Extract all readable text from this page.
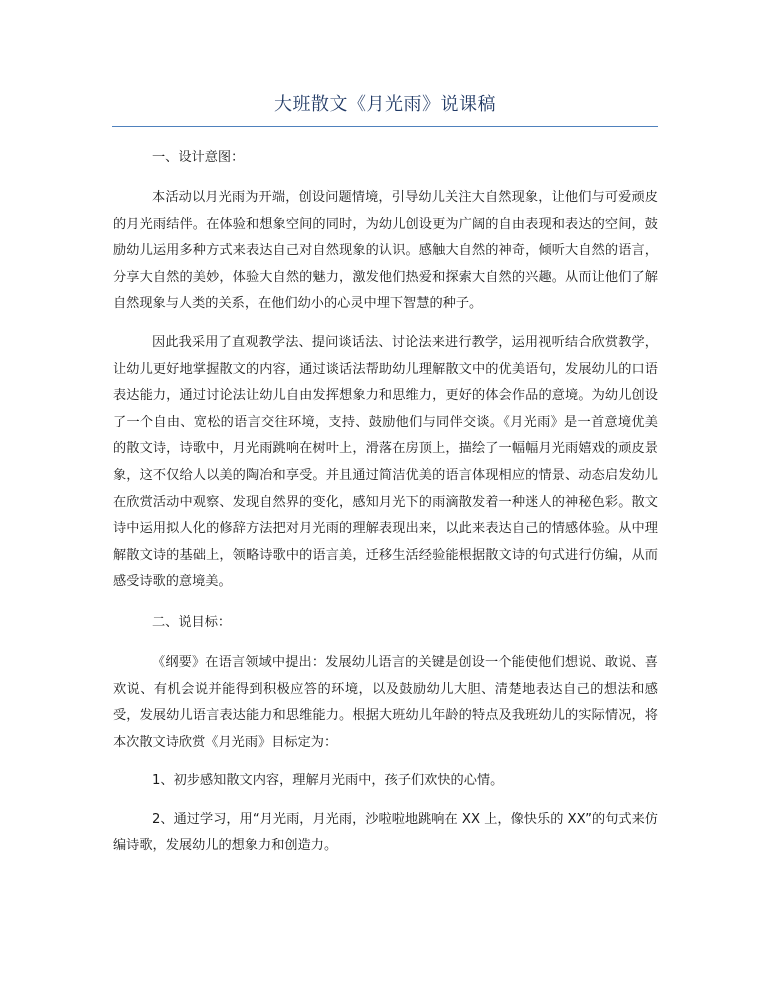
大班散文《月光雨》说课稿
一、设计意图：

本活动以月光雨为开端，创设问题情境，引导幼儿关注大自然现象，让他们与可爱顽皮的月光雨结伴。在体验和想象空间的同时，为幼儿创设更为广阔的自由表现和表达的空间，鼓励幼儿运用多种方式来表达自己对自然现象的认识。感触大自然的神奇，倾听大自然的语言，分享大自然的美妙，体验大自然的魅力，激发他们热爱和探索大自然的兴趣。从而让他们了解自然现象与人类的关系，在他们幼小的心灵中埋下智慧的种子。

因此我采用了直观教学法、提问谈话法、讨论法来进行教学，运用视听结合欣赏教学，让幼儿更好地掌握散文的内容，通过谈话法帮助幼儿理解散文中的优美语句，发展幼儿的口语表达能力，通过讨论法让幼儿自由发挥想象力和思维力，更好的体会作品的意境。为幼儿创设了一个自由、宽松的语言交往环境，支持、鼓励他们与同伴交谈。《月光雨》是一首意境优美的散文诗，诗歌中，月光雨跳响在树叶上，滑落在房顶上，描绘了一幅幅月光雨嬉戏的顽皮景象，这不仅给人以美的陶冶和享受。并且通过简洁优美的语言体现相应的情景、动态启发幼儿在欣赏活动中观察、发现自然界的变化，感知月光下的雨滴散发着一种迷人的神秘色彩。散文诗中运用拟人化的修辞方法把对月光雨的理解表现出来，以此来表达自己的情感体验。从中理解散文诗的基础上，领略诗歌中的语言美，迁移生活经验能根据散文诗的句式进行仿编，从而感受诗歌的意境美。

二、说目标：

《纲要》在语言领域中提出：发展幼儿语言的关键是创设一个能使他们想说、敢说、喜欢说、有机会说并能得到积极应答的环境，以及鼓励幼儿大胆、清楚地表达自己的想法和感受，发展幼儿语言表达能力和思维能力。根据大班幼儿年龄的特点及我班幼儿的实际情况，将本次散文诗欣赏《月光雨》目标定为：

1、初步感知散文内容，理解月光雨中，孩子们欢快的心情。

2、通过学习，用“月光雨，月光雨，沙啦啦地跳响在 XX 上，像快乐的 XX”的句式来仿编诗歌，发展幼儿的想象力和创造力。
